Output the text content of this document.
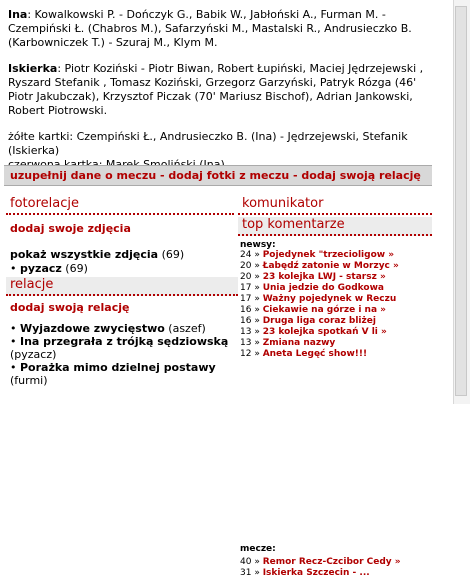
Ina: Kowalkowski P. - Dończyk G., Babik W., Jabłoński A., Furman M. - Czempiński Ł. (Chabros M.), Safarzyński M., Mastalski R., Andrusieczko B. (Karbowniczek T.) - Szuraj M., Klym M.

Iskierka: Piotr Koziński - Piotr Biwan, Robert Łupiński, Maciej Jędrzejewski , Ryszard Stefanik , Tomasz Koziński, Grzegorz Garzyński, Patryk Rózga (46' Piotr Jakubczak), Krzysztof Piczak (70' Mariusz Bischof), Adrian Jankowski, Robert Piotrowski.

żółte kartki: Czempiński Ł., Andrusieczko B. (Ina) - Jędrzejewski, Stefanik (Iskierka)

uzupełnij dane o meczu - dodaj fotki z meczu - dodaj swoją relację
fotorelacje
dodaj swoje zdjęcia
pokaż wszystkie zdjęcia (69)
• pyzacz (69)
relacje
dodaj swoją relację
• Wyjazdowe zwycięstwo (aszef)
• Ina przegrała z trójką sędziowską
(pyzacz)
• Porażka mimo dzielnej postawy
(furmi)
komunikator
top komentarze
newsy:
24 » Pojedynek "trzecioligow »
20 » Łabędź zatonie w Morzyc »
20 » 23 kolejka LWJ - starsz »
17 » Unia jedzie do Godkowa
17 » Ważny pojedynek w Reczu
16 » Ciekawie na górze i na »
16 » Druga liga coraz bliżej
13 » 23 kolejka spotkań V li »
13 » Zmiana nazwy
12 » Aneta Legęć show!!!
mecze:
40 » Remor Recz-Czcibor Cedy »
31 » Iskierka Szczecin - ...
